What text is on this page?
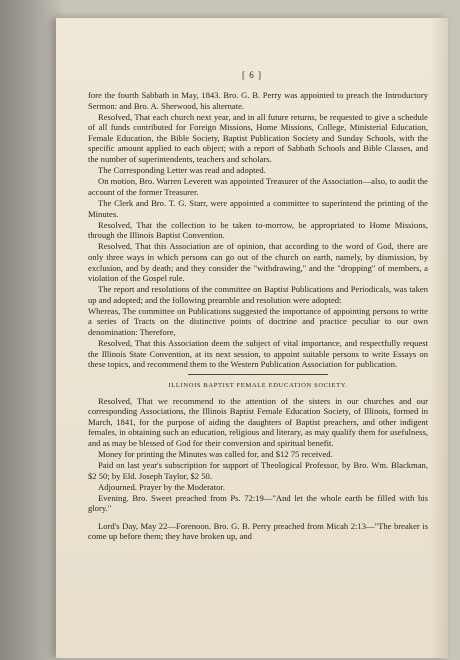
[ 6 ]

fore the fourth Sabbath in May, 1843. Bro. G. B. Perry was appointed to preach the Introductory Sermon: and Bro. A. Sherwood, his alternate.

Resolved, That each church next year, and in all future returns, be requested to give a schedule of all funds contributed for Foreign Missions, Home Missions, College, Ministerial Education, Female Education, the Bible Society, Baptist Publication Society and Sunday Schools, with the specific amount applied to each object; with a report of Sabbath Schools and Bible Classes, and the number of superintendents, teachers and scholars.

The Corresponding Letter was read and adopted.

On motion, Bro. Warren Leverett was appointed Treasurer of the Association—also, to audit the account of the former Treasurer.

The Clerk and Bro. T. G. Starr, were appointed a committee to superintend the printing of the Minutes.

Resolved, That the collection to be taken to-morrow, be appropriated to Home Missions, through the Illinois Baptist Convention.

Resolved, That this Association are of opinion, that according to the word of God, there are only three ways in which persons can go out of the church on earth, namely, by dismission, by exclusion, and by death; and they consider the "withdrawing," and the "dropping" of members, a violation of the Gospel rule.

The report and resolutions of the committee on Baptist Publications and Periodicals, was taken up and adopted; and the following preamble and resolution were adopted:

Whereas, The committee on Publications suggested the importance of appointing persons to write a series of Tracts on the distinctive points of doctrine and practice peculiar to our own denomination: Therefore,

Resolved, That this Association deem the subject of vital importance, and respectfully request the Illinois State Convention, at its next session, to appoint suitable persons to write Essays on these topics, and recommend them to the Western Publication Association for publication.

ILLINOIS BAPTIST FEMALE EDUCATION SOCIETY.

Resolved, That we recommend to the attention of the sisters in our churches and our corresponding Associations, the Illinois Baptist Female Education Society, of Illinois, formed in March, 1841, for the purpose of aiding the daughters of Baptist preachers, and other indigent females, in obtaining such an education, religious and literary, as may qualify them for usefulness, and as may be blessed of God for their conversion and spiritual benefit.

Money for printing the Minutes was called for, and $12 75 received.

Paid on last year's subscription for support of Theological Professor, by Bro. Wm. Blackman, $2 50; by Eld. Joseph Taylor, $2 50.

Adjourned. Prayer by the Moderator.

Evening. Bro. Sweet preached from Ps. 72:19—"And let the whole earth be filled with his glory."

Lord's Day, May 22—Forenoon. Bro. G. B. Perry preached from Micah 2:13—"The breaker is come up before them; they have broken up, and
